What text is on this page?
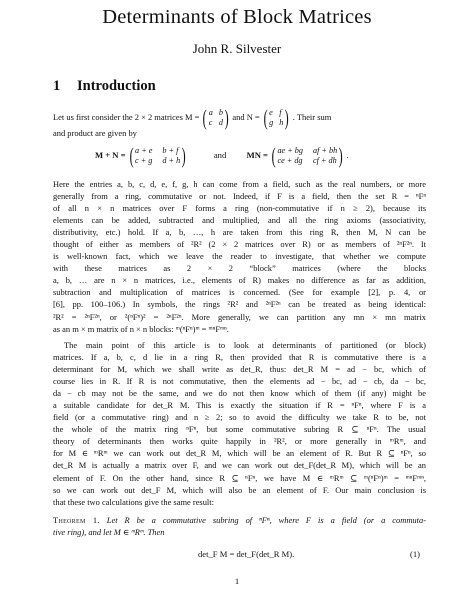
Determinants of Block Matrices
John R. Silvester
1 Introduction
Let us first consider the 2 × 2 matrices M = ( a b
c d ) and N = ( e f
g h ) . Their sum
and product are given by
M + N = ( a + e b + f
c + g d + h )	and MN = ( ae + bg af + bh
ce + dg cf + dh ) .
Here the entries a, b, c, d, e, f, g, h can come from a field, such as the real numbers, or more
generally from a ring, commutative or not. Indeed, if F is a field, then the set R = ⁿFⁿ
of all n × n matrices over F forms a ring (non-commutative if n ≥ 2), because its
elements can be added, subtracted and multiplied, and all the ring axioms (associativity,
distributivity, etc.) hold. If a, b, …, h are taken from this ring R, then M, N can be
thought of either as members of ²R² (2 × 2 matrices over R) or as members of ²ⁿF²ⁿ. It
is well-known fact, which we leave the reader to investigate, that whether we compute
with these matrices as 2 × 2 “block” matrices (where the blocks
a, b, … are n × n matrices, i.e., elements of R) makes no difference as far as addition,
subtraction and multiplication of matrices is concerned. (See for example [2], p. 4, or
[6], pp. 100–106.) In symbols, the rings ²R² and ²ⁿF²ⁿ can be treated as being identical:
²R² = ²ⁿF²ⁿ, or ²(ⁿFⁿ)² = ²ⁿF²ⁿ. More generally, we can partition any mn × mn matrix
as an m × m matrix of n × n blocks: ᵐ(ⁿFⁿ)ᵐ = ᵐⁿFᵐⁿ.
The main point of this article is to look at determinants of partitioned (or block)
matrices. If a, b, c, d lie in a ring R, then provided that R is commutative there is a
determinant for M, which we shall write as det_R, thus: det_R M = ad − bc, which of
course lies in R. If R is not commutative, then the elements ad − bc, ad − cb, da − bc,
da − cb may not be the same, and we do not then know which of them (if any) might be
a suitable candidate for det_R M. This is exactly the situation if R = ⁿFⁿ, where F is a
field (or a commutative ring) and n ≥ 2; so to avoid the difficulty we take R to be, not
the whole of the matrix ring ⁿFⁿ, but some commutative subring R ⊆ ⁿFⁿ. The usual
theory of determinants then works quite happily in ²R², or more generally in ᵐRᵐ, and
for M ∈ ᵐRᵐ we can work out det_R M, which will be an element of R. But R ⊆ ⁿFⁿ, so
det_R M is actually a matrix over F, and we can work out det_F(det_R M), which will be an
element of F. On the other hand, since R ⊆ ⁿFⁿ, we have M ∈ ᵐRᵐ ⊆ ᵐ(ⁿFⁿ)ᵐ = ᵐⁿFᵐⁿ,
so we can work out det_F M, which will also be an element of F. Our main conclusion is
that these two calculations give the same result:
Theorem 1. Let R be a commutative subring of ⁿFⁿ, where F is a field (or a commuta-
tive ring), and let M ∈ ᵐRᵐ. Then
det_F M = det_F(det_R M).	(1)
1
